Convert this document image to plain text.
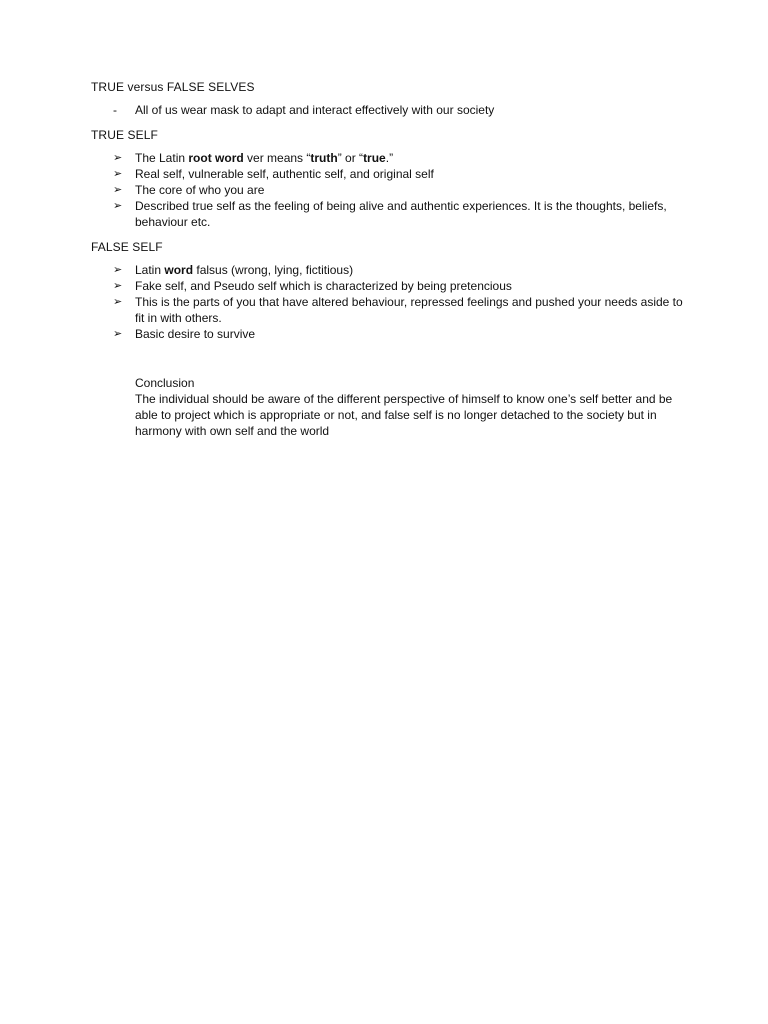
TRUE versus FALSE SELVES

- All of us wear mask to adapt and interact effectively with our society

TRUE SELF

➢ The Latin root word ver means “truth” or “true.”
➢ Real self, vulnerable self, authentic self, and original self
➢ The core of who you are
➢ Described true self as the feeling of being alive and authentic experiences. It is the thoughts, beliefs, behaviour etc.

FALSE SELF

➢ Latin word falsus (wrong, lying, fictitious)
➢ Fake self, and Pseudo self which is characterized by being pretencious
➢ This is the parts of you that have altered behaviour, repressed feelings and pushed your needs aside to fit in with others.
➢ Basic desire to survive
Conclusion
The individual should be aware of the different perspective of himself to know one’s self better and be able to project which is appropriate or not, and false self is no longer detached to the society but in harmony with own self and the world
